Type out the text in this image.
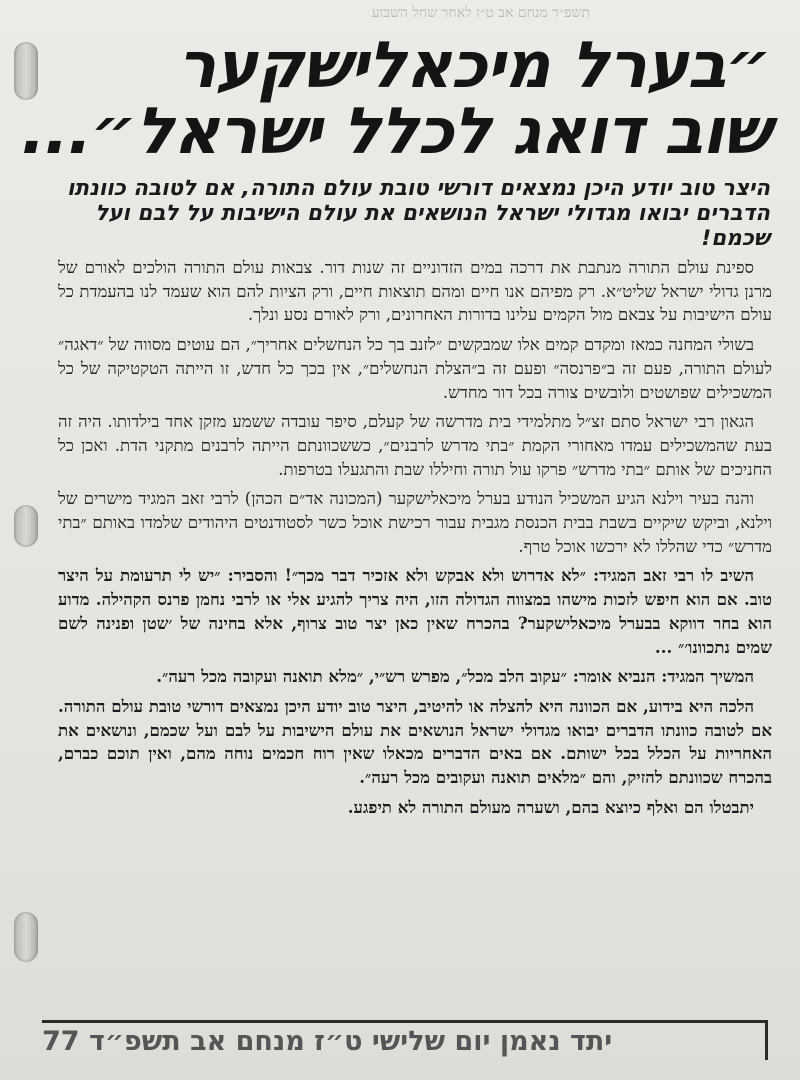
תשפ״ד מנחם אב ט״ז לאחר שחל השבוע
״בערל מיכאלישקער
שוב דואג לכלל ישראל״...
היצר טוב יודע היכן נמצאים דורשי טובת עולם התורה, אם לטובה כוונתו הדברים יבואו מגדולי ישראל הנושאים את עולם הישיבות על לבם ועל שכמם!

ספינת עולם התורה מנתבת את דרכה במים הזדוניים זה שנות דור. צבאות עולם התורה הולכים לאורם של מרנן גדולי ישראל שליט״א. רק מפיהם אנו חיים ומהם תוצאות חיים, ורק הציות להם הוא שעמד לנו בהעמדת כל עולם הישיבות על צבאם מול הקמים עלינו בדורות האחרונים, ורק לאורם נסע ונלך.

בשולי המחנה כמאז ומקדם קמים אלו שמבקשים ״לזנב בך כל הנחשלים אחריך״, הם עוטים מסווה של ״דאגה״ לעולם התורה, פעם זה ב״פרנסה״ ופעם זה ב״הצלת הנחשלים״, אין בכך כל חדש, זו הייתה הטקטיקה של כל המשכילים שפושטים ולובשים צורה בכל דור מחדש.

הגאון רבי ישראל סתם זצ״ל מתלמידי בית מדרשה של קעלם, סיפר עובדה ששמע מזקן אחד בילדותו. היה זה בעת שהמשכילים עמדו מאחורי הקמת ״בתי מדרש לרבנים״, כששכוונתם הייתה לרבנים מתקני הדת. ואכן כל החניכים של אותם ״בתי מדרש״ פרקו עול תורה וחיללו שבת והתגעלו בטרפות.

והנה בעיר וילנא הגיע המשכיל הנודע בערל מיכאלישקער (המכונה אד״ם הכהן) לרבי זאב המגיד מישרים של וילנא, וביקש שיקיים בשבת בבית הכנסת מגבית עבור רכישת אוכל כשר לסטודנטים היהודים שלמדו באותם ״בתי מדרש״ כדי שהללו לא ירכשו אוכל טרף.

השיב לו רבי זאב המגיד: ״לא אדרוש ולא אבקש ולא אזכיר דבר מכך״! והסביר: ״יש לי תרעומת על היצר טוב. אם הוא חיפש לזכות מישהו במצווה הגדולה הזו, היה צריך להגיע אלי או לרבי נחמן פרנס הקהילה. מדוע הוא בחר דווקא בבערל מיכאלישקער? בהכרח שאין כאן יצר טוב צרוף, אלא בחינה של ׳שטן ופנינה לשם שמים נתכוונו׳״ ...

המשיך המגיד: הנביא אומר: ״עקוב הלב מכל״, מפרש רש״י, ״מלא תואנה ועקובה מכל רעה״.

הלכה היא בידוע, אם הכוונה היא להצלה או להיטיב, היצר טוב יודע היכן נמצאים דורשי טובת עולם התורה. אם לטובה כוונתו הדברים יבואו מגדולי ישראל הנושאים את עולם הישיבות על לבם ועל שכמם, ונושאים את האחריות על הכלל בכל ישותם. אם באים הדברים מכאלו שאין רוח חכמים נוחה מהם, ואין תוכם כברם, בהכרח שכוונתם להזיק, והם ״מלאים תואנה ועקובים מכל רעה״.

יתבטלו הם ואלף כיוצא בהם, ושערה מעולם התורה לא תיפגע.

יתד נאמן יום שלישי ט״ז מנחם אב תשפ״ד 77
